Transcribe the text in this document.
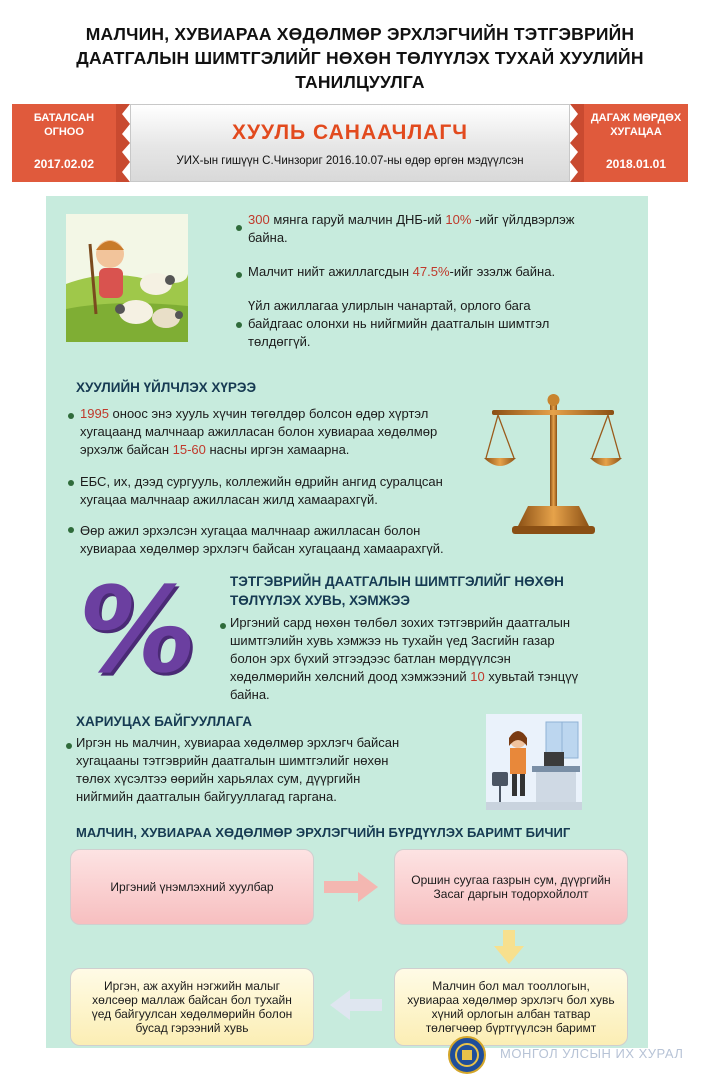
МАЛЧИН, ХУВИАРАА ХӨДӨЛМӨР ЭРХЛЭГЧИЙН ТЭТГЭВРИЙН
ДААТГАЛЫН ШИМТГЭЛИЙГ НӨХӨН ТӨЛҮҮЛЭХ ТУХАЙ ХУУЛИЙН
ТАНИЛЦУУЛГА
БАТАЛСАН
ОГНОО
2017.02.02
ХУУЛЬ САНААЧЛАГЧ
УИХ-ын гишүүн С.Чинзориг 2016.10.07-ны өдөр өргөн мэдүүлсэн
ДАГАЖ МӨРДӨХ
ХУГАЦАА
2018.01.01
300 мянга гаруй малчин ДНБ-ий 10% -ийг үйлдвэрлэж
байна.
Малчит нийт ажиллагсдын 47.5%-ийг эзэлж байна.
Үйл ажиллагаа улирлын чанартай, орлого бага
байдгаас олонхи нь нийгмийн даатгалын шимтгэл
төлдөггүй.
ХУУЛИЙН ҮЙЛЧЛЭХ ХҮРЭЭ
1995 оноос энэ хууль хүчин төгөлдөр болсон өдөр хүртэл
хугацаанд малчнаар ажилласан болон хувиараа хөдөлмөр
эрхэлж байсан 15-60 насны иргэн хамаарна.
ЕБС, их, дээд сургууль, коллежийн өдрийн ангид суралцсан
хугацаа малчнаар ажилласан жилд хамаарахгүй.
Өөр ажил эрхэлсэн хугацаа малчнаар ажилласан болон
хувиараа хөдөлмөр эрхлэгч байсан хугацаанд хамаарахгүй.
ТЭТГЭВРИЙН ДААТГАЛЫН ШИМТГЭЛИЙГ НӨХӨН
ТӨЛҮҮЛЭХ ХУВЬ, ХЭМЖЭЭ
% Иргэний сард нөхөн төлбөл зохих тэтгэврийн даатгалын
шимтгэлийн хувь хэмжээ нь тухайн үед Засгийн газар
болон эрх бүхий этгээдээс батлан мөрдүүлсэн
хөдөлмөрийн хөлсний доод хэмжээний 10 хувьтай тэнцүү
байна.
ХАРИУЦАХ БАЙГУУЛЛАГА
Иргэн нь малчин, хувиараа хөдөлмөр эрхлэгч байсан
хугацааны тэтгэврийн даатгалын шимтгэлийг нөхөн
төлөх хүсэлтээ өөрийн харьялах сум, дүүргийн
нийгмийн даатгалын байгууллагад гаргана.
МАЛЧИН, ХУВИАРАА ХӨДӨЛМӨР ЭРХЛЭГЧИЙН БҮРДҮҮЛЭХ БАРИМТ БИЧИГ
Иргэний үнэмлэхний хуулбар	Оршин суугаа газрын сум, дүүргийн Засаг даргын тодорхойлолт
Малчин бол мал тооллогын, хувиараа хөдөлмөр эрхлэгч бол хувь хүний орлогын албан татвар төлөгчөөр бүртгүүлсэн баримт
Иргэн, аж ахуйн нэгжийн малыг хөлсөөр маллаж байсан бол тухайн үед байгуулсан хөдөлмөрийн болон бусад гэрээний хувь
МОНГОЛ УЛСЫН ИХ ХУРАЛ
